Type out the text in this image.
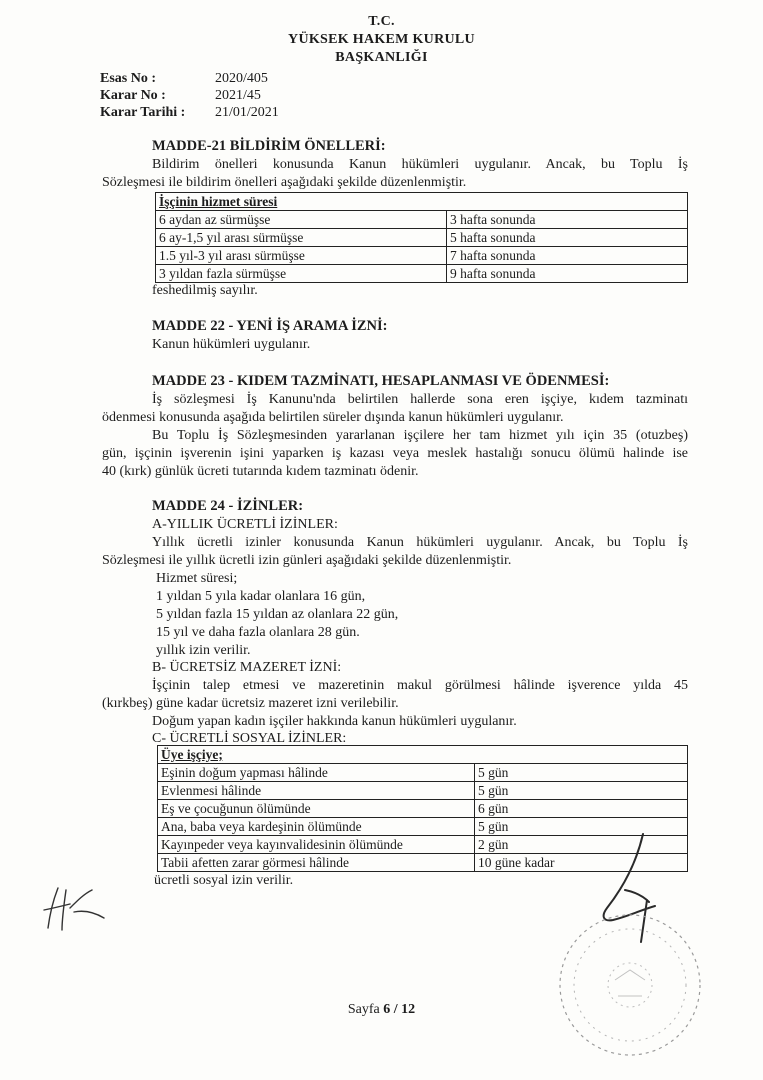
T.C.
YÜKSEK HAKEM KURULU
BAŞKANLIĞI
Esas No :	2020/405
Karar No :	2021/45
Karar Tarihi :	21/01/2021
MADDE-21 BİLDİRİM ÖNELLERİ:
Bildirim önelleri konusunda Kanun hükümleri uygulanır. Ancak, bu Toplu İş
Sözleşmesi ile bildirim önelleri aşağıdaki şekilde düzenlenmiştir.
İşçinin hizmet süresi	
6 aydan az sürmüşse	3 hafta sonunda
6 ay-1,5 yıl arası sürmüşse	5 hafta sonunda
1.5 yıl-3 yıl arası sürmüşse	7 hafta sonunda
3 yıldan fazla sürmüşse	9 hafta sonunda
feshedilmiş sayılır.
MADDE 22 - YENİ İŞ ARAMA İZNİ:
Kanun hükümleri uygulanır.
MADDE 23 - KIDEM TAZMİNATI, HESAPLANMASI VE ÖDENMESİ:
İş sözleşmesi İş Kanunu'nda belirtilen hallerde sona eren işçiye, kıdem tazminatı
ödenmesi konusunda aşağıda belirtilen süreler dışında kanun hükümleri uygulanır.
Bu Toplu İş Sözleşmesinden yararlanan işçilere her tam hizmet yılı için 35 (otuzbeş)
gün, işçinin işverenin işini yaparken iş kazası veya meslek hastalığı sonucu ölümü halinde ise
40 (kırk) günlük ücreti tutarında kıdem tazminatı ödenir.
MADDE 24 - İZİNLER:
A-YILLIK ÜCRETLİ İZİNLER:
Yıllık ücretli izinler konusunda Kanun hükümleri uygulanır. Ancak, bu Toplu İş
Sözleşmesi ile yıllık ücretli izin günleri aşağıdaki şekilde düzenlenmiştir.
Hizmet süresi;
1 yıldan 5 yıla kadar olanlara 16 gün,
5 yıldan fazla 15 yıldan az olanlara 22 gün,
15 yıl ve daha fazla olanlara 28 gün.
yıllık izin verilir.
B- ÜCRETSİZ MAZERET İZNİ:
İşçinin talep etmesi ve mazeretinin makul görülmesi hâlinde işverence yılda 45
(kırkbeş) güne kadar ücretsiz mazeret izni verilebilir.
Doğum yapan kadın işçiler hakkında kanun hükümleri uygulanır.
C- ÜCRETLİ SOSYAL İZİNLER:
Üye işçiye;	
Eşinin doğum yapması hâlinde	5 gün
Evlenmesi hâlinde	5 gün
Eş ve çocuğunun ölümünde	6 gün
Ana, baba veya kardeşinin ölümünde	5 gün
Kayınpeder veya kayınvalidesinin ölümünde	2 gün
Tabii afetten zarar görmesi hâlinde	10 güne kadar
ücretli sosyal izin verilir.
Sayfa 6 / 12
